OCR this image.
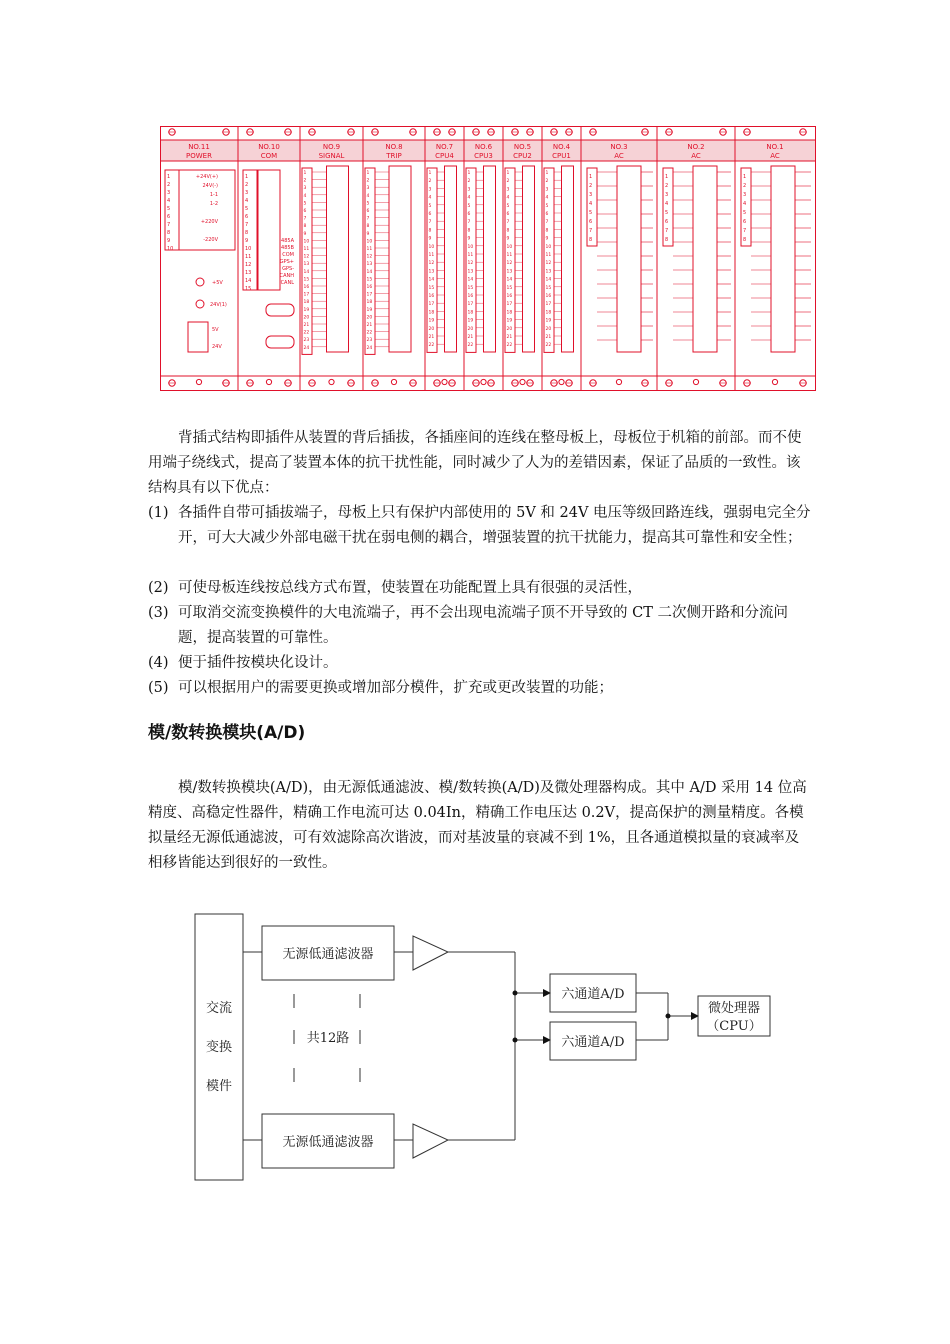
NO.11
POWER
1
2
3
4
5
6
7
8
9
10
+24V(+)
24V(-)
1-1
1-2
+220V
-220V
+5V
24V(1)
5V
24V
NO.10
COM
1
2
3
4
5
6
7
8
9
10
11
12
13
14
15
485A
485B
COM
GPS+
GPS-
CANH
CANL
NO.9
SIGNAL
1
2
3
4
5
6
7
8
9
10
11
12
13
14
15
16
17
18
19
20
21
22
23
24
NO.8
TRIP
1
2
3
4
5
6
7
8
9
10
11
12
13
14
15
16
17
18
19
20
21
22
23
24
NO.7
CPU4
1
2
3
4
5
6
7
8
9
10
11
12
13
14
15
16
17
18
19
20
21
22
NO.6
CPU3
1
2
3
4
5
6
7
8
9
10
11
12
13
14
15
16
17
18
19
20
21
22
NO.5
CPU2
1
2
3
4
5
6
7
8
9
10
11
12
13
14
15
16
17
18
19
20
21
22
NO.4
CPU1
1
2
3
4
5
6
7
8
9
10
11
12
13
14
15
16
17
18
19
20
21
22
NO.3
AC
1
2
3
4
5
6
7
8
NO.2
AC
1
2
3
4
5
6
7
8
NO.1
AC
1
2
3
4
5
6
7
8

背插式结构即插件从装置的背后插拔，各插座间的连线在整母板上，母板位于机箱的前部。而不使用端子绕线式，提高了装置本体的抗干扰性能，同时减少了人为的差错因素，保证了品质的一致性。该结构具有以下优点：

(1) 各插件自带可插拔端子，母板上只有保护内部使用的 5V 和 24V 电压等级回路连线，强弱电完全分开，可大大减少外部电磁干扰在弱电侧的耦合，增强装置的抗干扰能力，提高其可靠性和安全性；

(2) 可使母板连线按总线方式布置，使装置在功能配置上具有很强的灵活性，

(3) 可取消交流变换模件的大电流端子，再不会出现电流端子顶不开导致的 CT 二次侧开路和分流问题，提高装置的可靠性。

(4) 便于插件按模块化设计。

(5) 可以根据用户的需要更换或增加部分模件，扩充或更改装置的功能；

模/数转换模块(A/D)

模/数转换模块(A/D)，由无源低通滤波、模/数转换(A/D)及微处理器构成。其中 A/D 采用 14 位高精度、高稳定性器件，精确工作电流可达 0.04In，精确工作电压达 0.2V，提高保护的测量精度。各模拟量经无源低通滤波，可有效滤除高次谐波，而对基波量的衰减不到 1%，且各通道模拟量的衰减率及相移皆能达到很好的一致性。

交流
变换
模件
无源低通滤波器
无源低通滤波器
共12路
六通道A/D
六通道A/D
微处理器
（CPU）
